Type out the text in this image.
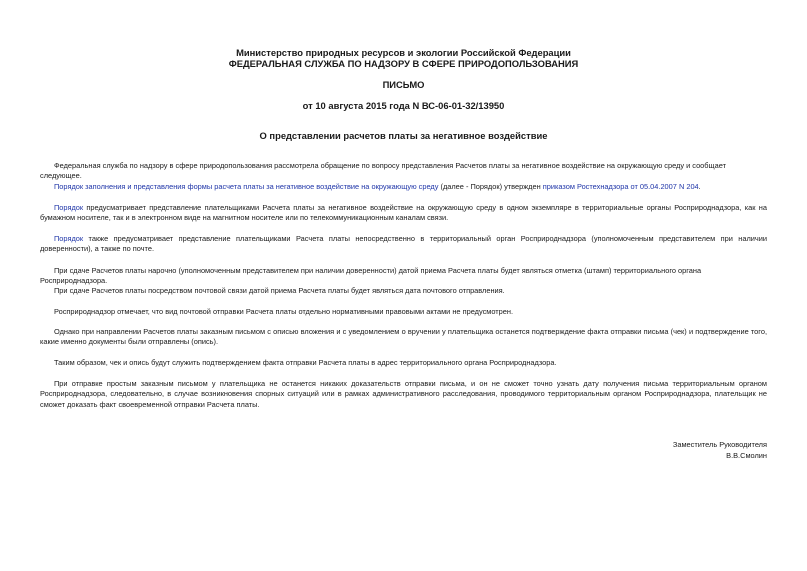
Министерство природных ресурсов и экологии Российской Федерации
ФЕДЕРАЛЬНАЯ СЛУЖБА ПО НАДЗОРУ В СФЕРЕ ПРИРОДОПОЛЬЗОВАНИЯ
ПИСЬМО
от 10 августа 2015 года N ВС-06-01-32/13950
О представлении расчетов платы за негативное воздействие

Федеральная служба по надзору в сфере природопользования рассмотрела обращение по вопросу представления Расчетов платы за негативное воздействие на окружающую среду и сообщает следующее.

Порядок заполнения и представления формы расчета платы за негативное воздействие на окружающую среду (далее - Порядок) утвержден приказом Ростехнадзора от 05.04.2007 N 204.

Порядок предусматривает представление плательщиками Расчета платы за негативное воздействие на окружающую среду в одном экземпляре в территориальные органы Росприроднадзора, как на бумажном носителе, так и в электронном виде на магнитном носителе или по телекоммуникационным каналам связи.

Порядок также предусматривает представление плательщиками Расчета платы непосредственно в территориальный орган Росприроднадзора (уполномоченным представителем при наличии доверенности), а также по почте.

При сдаче Расчетов платы нарочно (уполномоченным представителем при наличии доверенности) датой приема Расчета платы будет являться отметка (штамп) территориального органа Росприроднадзора.

При сдаче Расчетов платы посредством почтовой связи датой приема Расчета платы будет являться дата почтового отправления.

Росприроднадзор отмечает, что вид почтовой отправки Расчета платы отдельно нормативными правовыми актами не предусмотрен.

Однако при направлении Расчетов платы заказным письмом с описью вложения и с уведомлением о вручении у плательщика останется подтверждение факта отправки письма (чек) и подтверждение того, какие именно документы были отправлены (опись).

Таким образом, чек и опись будут служить подтверждением факта отправки Расчета платы в адрес территориального органа Росприроднадзора.

При отправке простым заказным письмом у плательщика не останется никаких доказательств отправки письма, и он не сможет точно узнать дату получения письма территориальным органом Росприроднадзора, следовательно, в случае возникновения спорных ситуаций или в рамках административного расследования, проводимого территориальным органом Росприроднадзора, плательщик не сможет доказать факт своевременной отправки Расчета платы.

Заместитель Руководителя
В.В.Смолин
